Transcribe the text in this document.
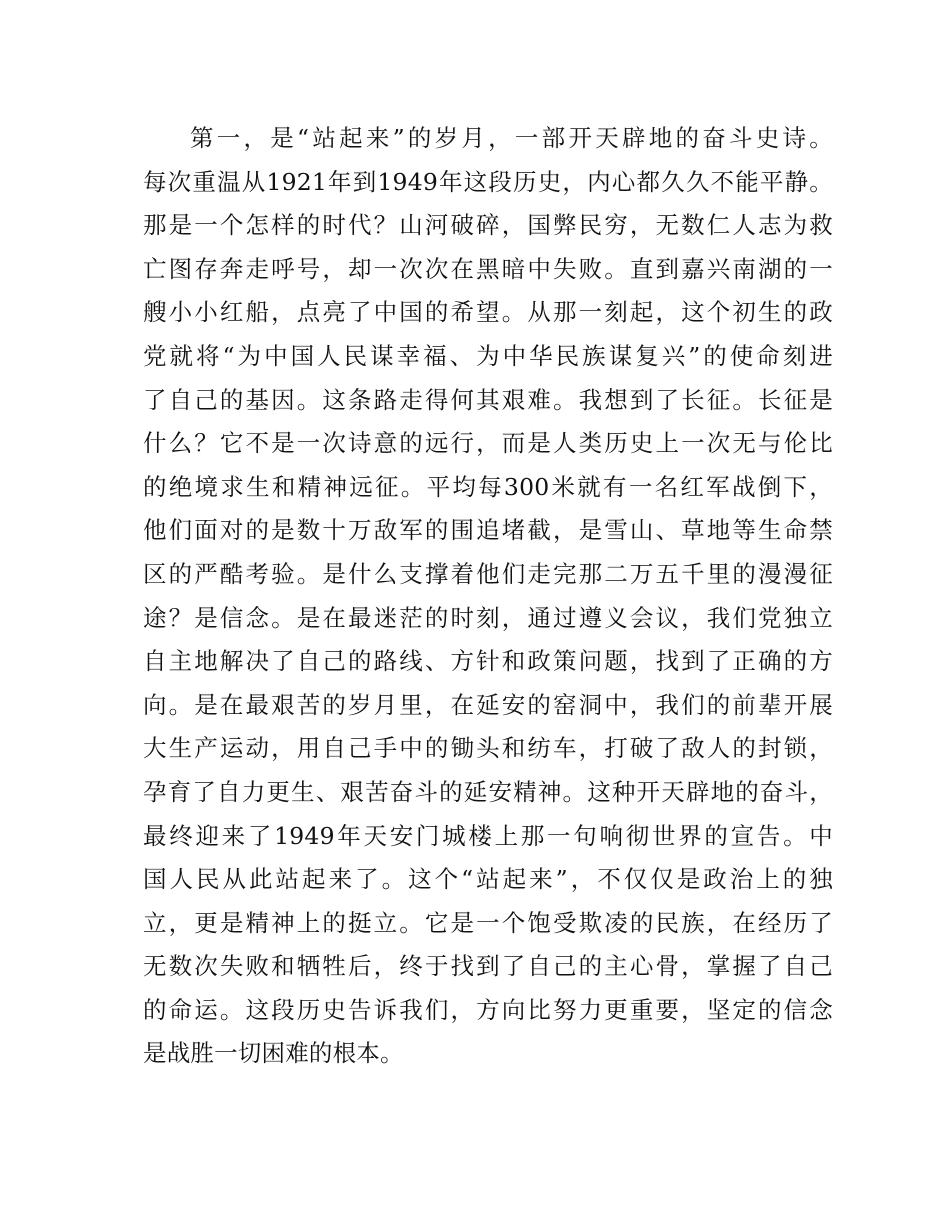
第一，是“站起来”的岁月，一部开天辟地的奋斗史诗。
每次重温从1921年到1949年这段历史，内心都久久不能平静。
那是一个怎样的时代？山河破碎，国弊民穷，无数仁人志为救
亡图存奔走呼号，却一次次在黑暗中失败。直到嘉兴南湖的一
艘小小红船，点亮了中国的希望。从那一刻起，这个初生的政
党就将“为中国人民谋幸福、为中华民族谋复兴”的使命刻进
了自己的基因。这条路走得何其艰难。我想到了长征。长征是
什么？它不是一次诗意的远行，而是人类历史上一次无与伦比
的绝境求生和精神远征。平均每300米就有一名红军战倒下，
他们面对的是数十万敌军的围追堵截，是雪山、草地等生命禁
区的严酷考验。是什么支撑着他们走完那二万五千里的漫漫征
途？是信念。是在最迷茫的时刻，通过遵义会议，我们党独立
自主地解决了自己的路线、方针和政策问题，找到了正确的方
向。是在最艰苦的岁月里，在延安的窑洞中，我们的前辈开展
大生产运动，用自己手中的锄头和纺车，打破了敌人的封锁，
孕育了自力更生、艰苦奋斗的延安精神。这种开天辟地的奋斗，
最终迎来了1949年天安门城楼上那一句响彻世界的宣告。中
国人民从此站起来了。这个“站起来”，不仅仅是政治上的独
立，更是精神上的挺立。它是一个饱受欺凌的民族，在经历了
无数次失败和牺牲后，终于找到了自己的主心骨，掌握了自己
的命运。这段历史告诉我们，方向比努力更重要，坚定的信念
是战胜一切困难的根本。
